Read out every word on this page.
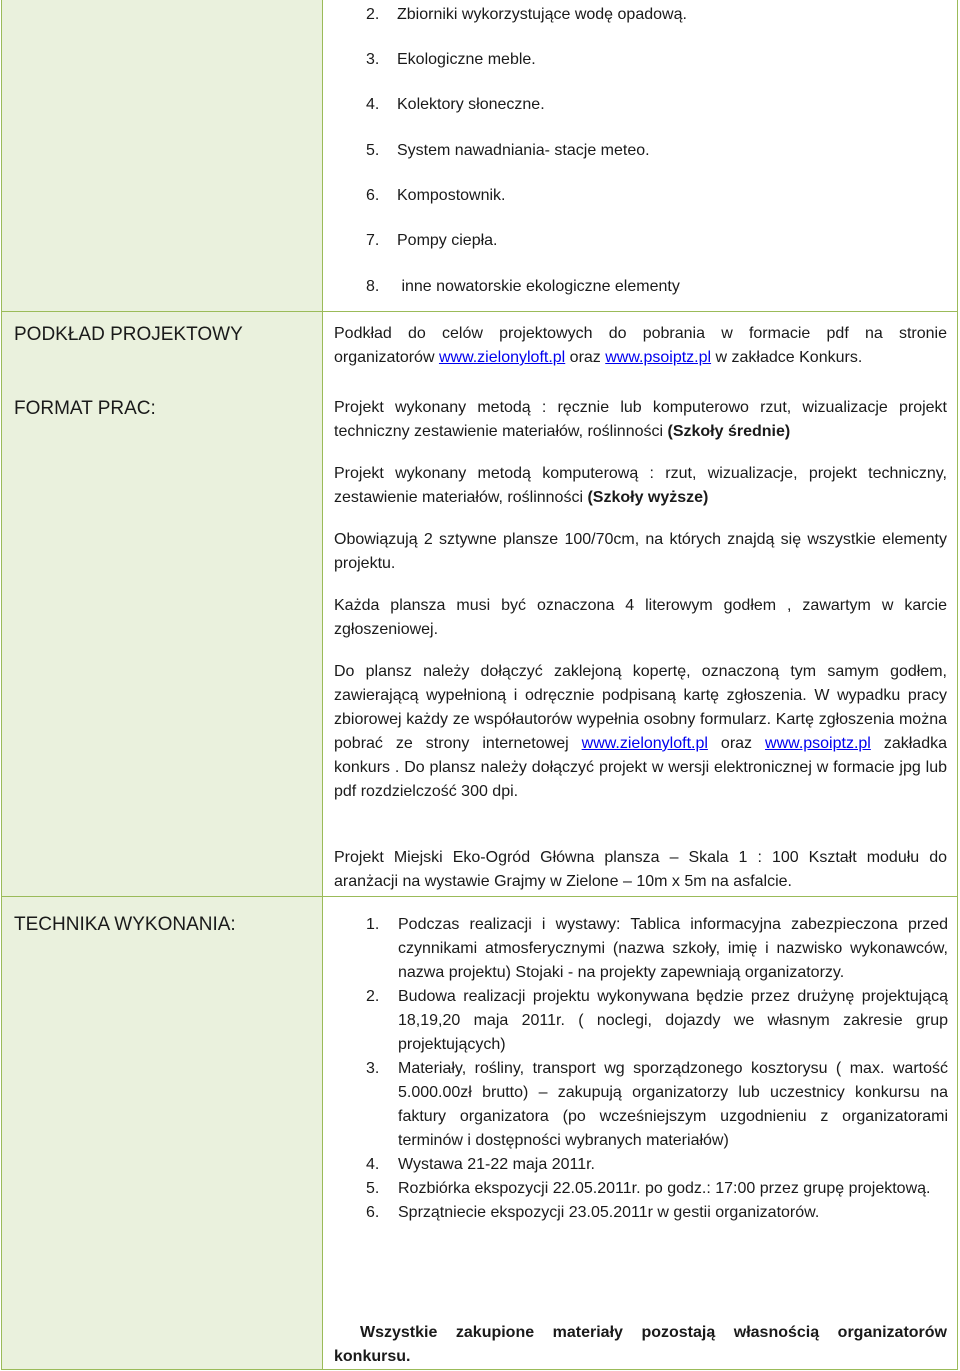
2. Zbiorniki wykorzystujące wodę opadową.
3. Ekologiczne meble.
4. Kolektory słoneczne.
5. System nawadniania- stacje meteo.
6. Kompostownik.
7. Pompy ciepła.
8. inne nowatorskie ekologiczne elementy
PODKŁAD PROJEKTOWY	Podkład do celów projektowych do pobrania w formacie pdf na stronie
organizatorów www.zielonyloft.pl oraz www.psoiptz.pl w zakładce Konkurs.
FORMAT PRAC:	Projekt wykonany metodą : ręcznie lub komputerowo rzut, wizualizacje projekt techniczny zestawienie materiałów, roślinności (Szkoły średnie)
Projekt wykonany metodą komputerową : rzut, wizualizacje, projekt techniczny, zestawienie materiałów, roślinności (Szkoły wyższe)
Obowiązują 2 sztywne plansze 100/70cm, na których znajdą się wszystkie elementy projektu.
Każda plansza musi być oznaczona 4 literowym godłem , zawartym w karcie zgłoszeniowej.
Do plansz należy dołączyć zaklejoną kopertę, oznaczoną tym samym godłem, zawierającą wypełnioną i odręcznie podpisaną kartę zgłoszenia. W wypadku pracy zbiorowej każdy ze współautorów wypełnia osobny formularz. Kartę zgłoszenia można pobrać ze strony internetowej www.zielonyloft.pl oraz www.psoiptz.pl zakładka konkurs . Do plansz należy dołączyć projekt w wersji elektronicznej w formacie jpg lub pdf rozdzielczość 300 dpi.
Projekt Miejski Eko-Ogród Główna plansza – Skala 1 : 100 Kształt modułu do aranżacji na wystawie Grajmy w Zielone – 10m x 5m na asfalcie.
TECHNIKA WYKONANIA:	1. Podczas realizacji i wystawy: Tablica informacyjna zabezpieczona przed czynnikami atmosferycznymi (nazwa szkoły, imię i nazwisko wykonawców, nazwa projektu) Stojaki - na projekty zapewniają organizatorzy.

2. Budowa realizacji projektu wykonywana będzie przez drużynę projektującą 18,19,20 maja 2011r. ( noclegi, dojazdy we własnym zakresie grup projektujących)

3. Materiały, rośliny, transport wg sporządzonego kosztorysu ( max. wartość 5.000.00zł brutto) – zakupują organizatorzy lub uczestnicy konkursu na faktury organizatora (po wcześniejszym uzgodnieniu z organizatorami terminów i dostępności wybranych materiałów)

4. Wystawa 21-22 maja 2011r.

5. Rozbiórka ekspozycji 22.05.2011r. po godz.: 17:00 przez grupę projektową.

6. Sprzątniecie ekspozycji 23.05.2011r w gestii organizatorów.

Wszystkie zakupione materiały pozostają własnością organizatorów konkursu.
